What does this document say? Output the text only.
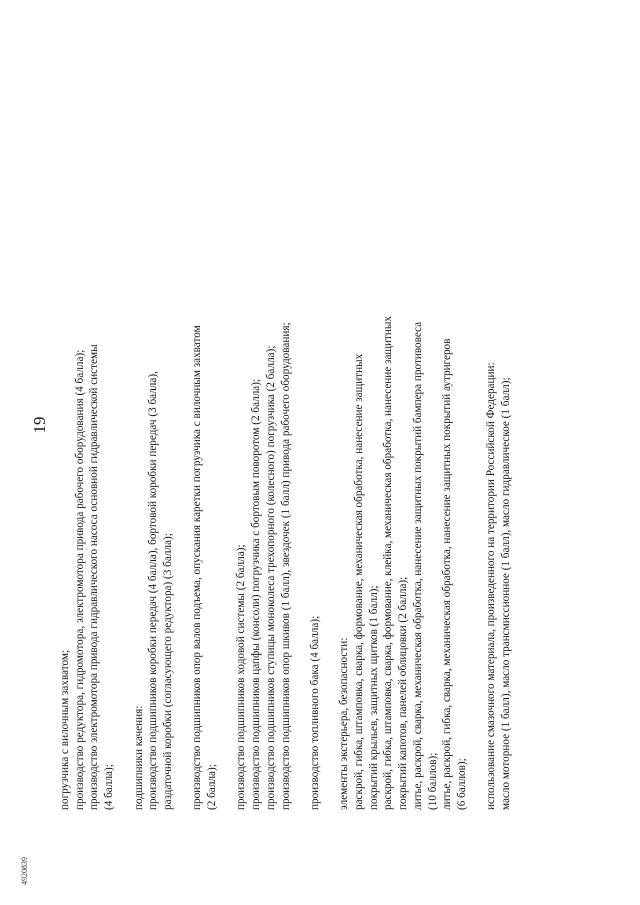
19

погрузчика с вилочным захватом; производство редуктора, гидромотора, электромотора привода рабочего оборудования (4 балла); производство электромотора привода гидравлического насоса основной гидравлической системы (4 балла); подшипники качения: производство подшипников коробки передач (4 балла), бортовой коробки передач (3 балла), раздаточной коробки (согласующего редуктора) (3 балла); производство подшипников опор валов подъема, опускания каретки погрузчика с вилочным захватом (2 балла); производство подшипников ходовой системы (2 балла); производство подшипников цапфы (консоли) погрузчика с бортовым поворотом (2 балла); производство подшипников ступицы моноколеса трехопорного (колесного) погрузчика (2 балла); производство подшипников опор шкивов (1 балл), звездочек (1 балл) привода рабочего оборудования; производство топливного бака (4 балла); элементы экстерьера, безопасности: раскрой, гибка, штамповка, сварка, формование, механическая обработка, нанесение защитных покрытий крыльев, защитных щитков (1 балл); раскрой, гибка, штамповка, сварка, формование, клейка, механическая обработка, нанесение защитных покрытий капотов, панелей облицовки (2 балла); литье, раскрой, сварка, механическая обработка, нанесение защитных покрытий бампера противовеса (10 баллов); литье, раскрой, гибка, сварка, механическая обработка, нанесение защитных покрытий аутригеров (6 баллов); использование смазочного материала, произведенного на территории Российской Федерации: масло моторное (1 балл), масло трансмиссионное (1 балл), масло гидравлическое (1 балл);

4920839
